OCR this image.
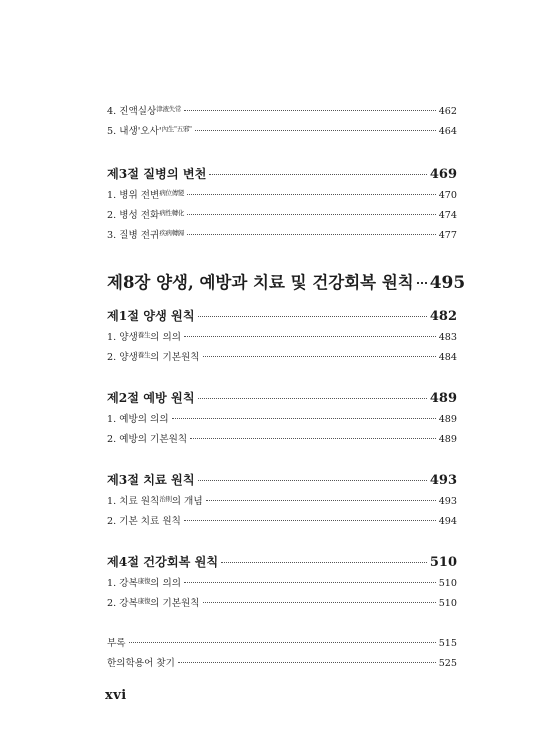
4. 진액실상$^{津液失常}$	462
5. 내생'오사'$^{內生"五邪"}$	464
제3절 질병의 변천	469
1. 병위 전변$^{病位傳變}$	470
2. 병성 전화$^{病性轉化}$	474
3. 질병 전귀$^{疾病轉歸}$	477
제8장 양생, 예방과 치료 및 건강회복 원칙 495
제1절 양생 원칙	482
1. 양생$^{養生}$의 의의	483
2. 양생$^{養生}$의 기본원칙	484
제2절 예방 원칙	489
1. 예방의 의의	489
2. 예방의 기본원칙	489
제3절 치료 원칙	493
1. 치료 원칙$^{治則}$의 개념	493
2. 기본 치료 원칙	494
제4절 건강회복 원칙	510
1. 강복$^{康復}$의 의의	510
2. 강복$^{康復}$의 기본원칙	510
부록	515
한의학용어 찾기	525
xvi
